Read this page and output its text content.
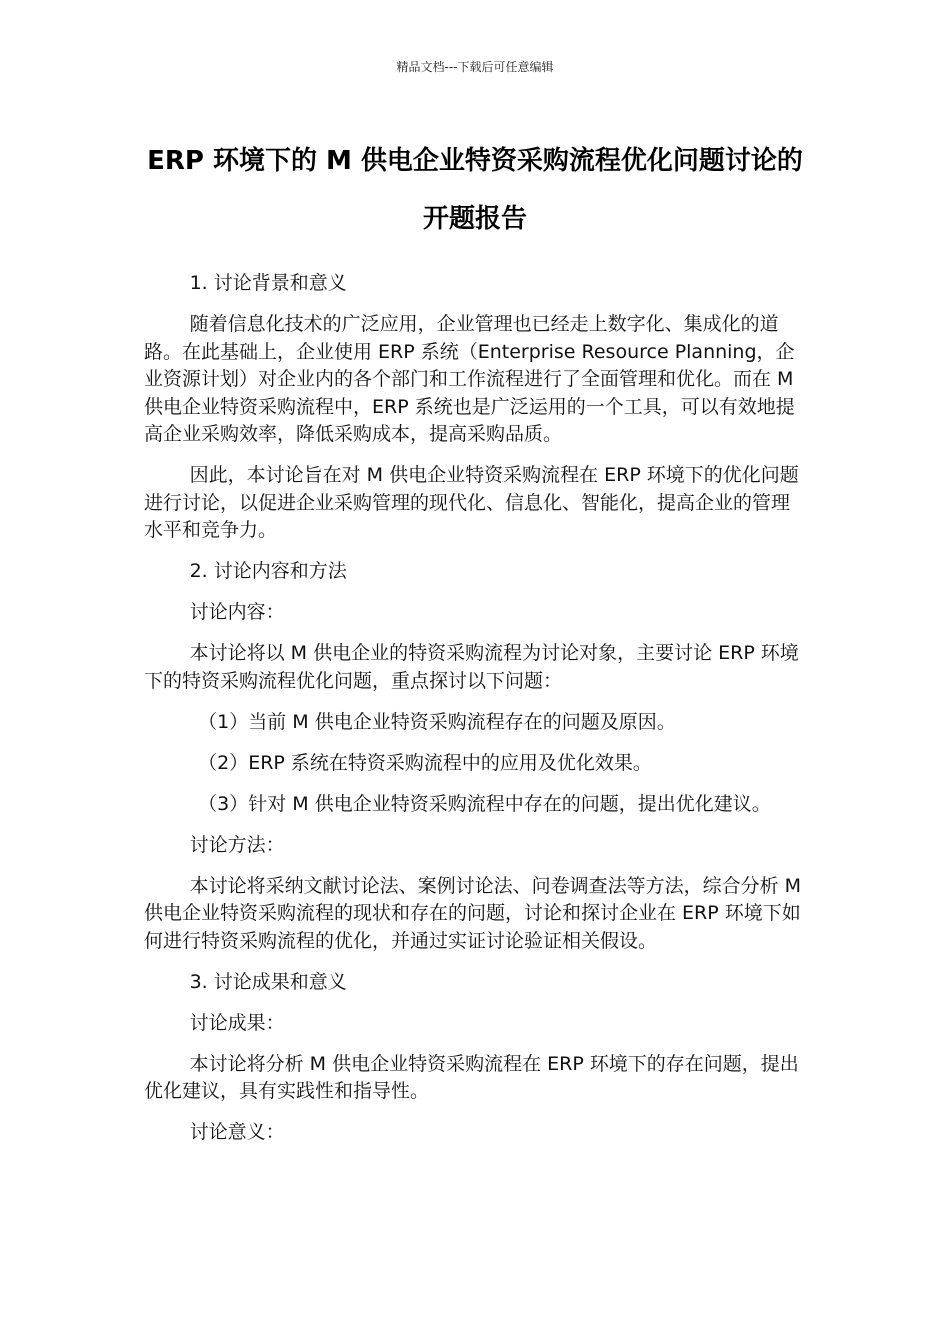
精品文档---下载后可任意编辑
ERP 环境下的 M 供电企业特资采购流程优化问题讨论的开题报告

1. 讨论背景和意义

随着信息化技术的广泛应用，企业管理也已经走上数字化、集成化的道路。在此基础上，企业使用 ERP 系统（Enterprise Resource Planning，企业资源计划）对企业内的各个部门和工作流程进行了全面管理和优化。而在 M 供电企业特资采购流程中，ERP 系统也是广泛运用的一个工具，可以有效地提高企业采购效率，降低采购成本，提高采购品质。

因此，本讨论旨在对 M 供电企业特资采购流程在 ERP 环境下的优化问题进行讨论，以促进企业采购管理的现代化、信息化、智能化，提高企业的管理水平和竞争力。

2. 讨论内容和方法

讨论内容：

本讨论将以 M 供电企业的特资采购流程为讨论对象，主要讨论 ERP 环境下的特资采购流程优化问题，重点探讨以下问题：

（1）当前 M 供电企业特资采购流程存在的问题及原因。

（2）ERP 系统在特资采购流程中的应用及优化效果。

（3）针对 M 供电企业特资采购流程中存在的问题，提出优化建议。

讨论方法：

本讨论将采纳文献讨论法、案例讨论法、问卷调查法等方法，综合分析 M 供电企业特资采购流程的现状和存在的问题，讨论和探讨企业在 ERP 环境下如何进行特资采购流程的优化，并通过实证讨论验证相关假设。

3. 讨论成果和意义

讨论成果：

本讨论将分析 M 供电企业特资采购流程在 ERP 环境下的存在问题，提出优化建议，具有实践性和指导性。

讨论意义：
